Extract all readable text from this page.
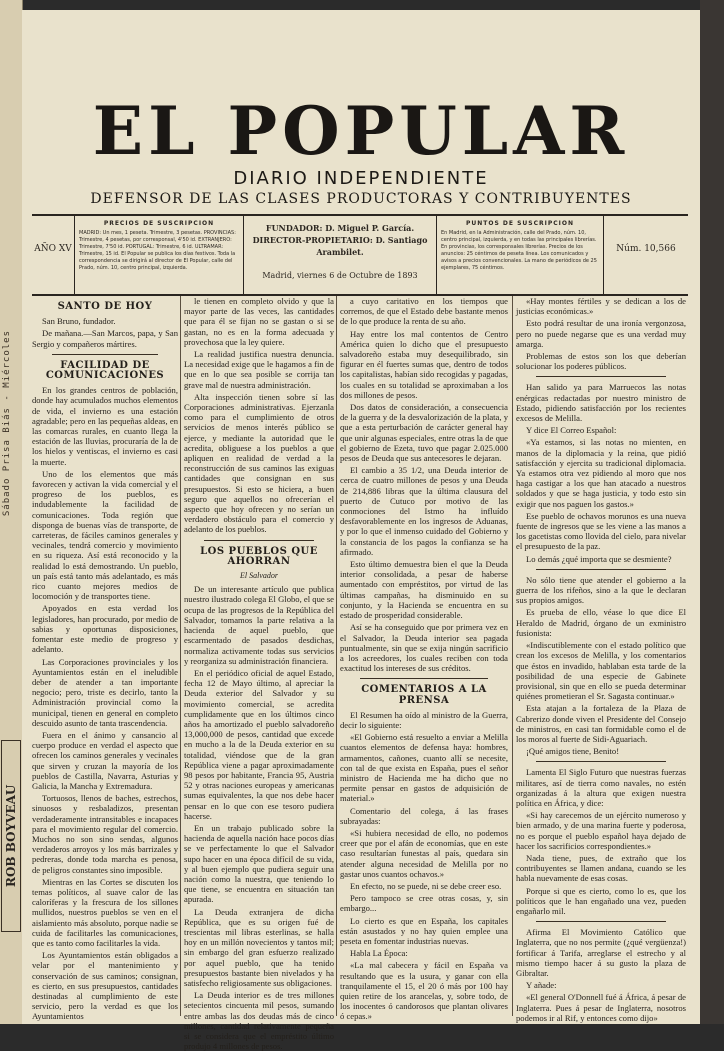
Sábado Prisa Biás - Miércoles
ROB BOYVEAU
EL POPULAR
DIARIO INDEPENDIENTE
DEFENSOR DE LAS CLASES PRODUCTORAS Y CONTRIBUYENTES
AÑO XV
PRECIOS DE SUSCRIPCION
MADRID: Un mes, 1 peseta. Trimestre, 3 pesetas. PROVINCIAS: Trimestre, 4 pesetas, por corresponsal, 4'50 id. EXTRANJERO: Trimestre, 7'50 id. PORTUGAL: Trimestre, 6 id. ULTRAMAR: Trimestre, 15 id. El Popular se publica los días festivos. Toda la correspondencia se dirigirá al director de El Popular, calle del Prado, núm. 10, centro principal, izquierda.
FUNDADOR: D. Miguel P. García.
DIRECTOR-PROPIETARIO: D. Santiago Arambilet.
Madrid, viernes 6 de Octubre de 1893
PUNTOS DE SUSCRIPCION
En Madrid, en la Administración, calle del Prado, núm. 10, centro principal, izquierda, y en todas las principales librerías. En provincias, los corresponsales librerías. Precios de los anuncios: 25 céntimos de peseta línea. Los comunicados y avisos a precios convencionales. La mano de periódicos de 25 ejemplares, 75 céntimos.
Núm. 10,566
SANTO DE HOY

San Bruno, fundador.

De mañana.—San Marcos, papa, y San Sergio y compañeros mártires.

FACILIDAD DE COMUNICACIONES

En los grandes centros de población, donde hay acumulados muchos elementos de vida, el invierno es una estación agradable; pero en las pequeñas aldeas, en las comarcas rurales, en cuanto llega la estación de las lluvias, procuraría de la de los hielos y ventiscas, el invierno es casi la muerte.

Uno de los elementos que más favorecen y activan la vida comercial y el progreso de los pueblos, es indudablemente la facilidad de comunicaciones. Toda región que disponga de buenas vías de transporte, de carreteras, de fáciles caminos generales y vecinales, tendrá comercio y movimiento en su riqueza. Así está reconocido y la realidad lo está demostrando. Un pueblo, un país está tanto más adelantado, es más rico cuanto mejores medios de locomoción y de transportes tiene.

Apoyados en esta verdad los legisladores, han procurado, por medio de sabias y oportunas disposiciones, fomentar este medio de progreso y adelanto.

Las Corporaciones provinciales y los Ayuntamientos están en el ineludible deber de atender a tan importante negocio; pero, triste es decirlo, tanto la Administración provincial como la municipal, tienen en general en completo descuido asunto de tanta trascendencia.

Fuera en el ánimo y cansancio al cuerpo produce en verdad el aspecto que ofrecen los caminos generales y vecinales que sirven y cruzan la mayoría de los pueblos de Castilla, Navarra, Asturias y Galicia, la Mancha y Extremadura.

Tortuosos, llenos de baches, estrechos, sinuosos y resbaladizos, presentan verdaderamente intransitables e incapaces para el movimiento regular del comercio. Muchos no son sino sendas, algunos verdaderos arroyos y los más barrizales y pedreras, donde toda marcha es penosa, de peligros constantes sino imposible.

Mientras en las Cortes se discuten los temas políticos, al suave calor de las caloríferas y la frescura de los sillones mullidos, nuestros pueblos se ven en el aislamiento más absoluto, porque nadie se cuida de facilitarles las comunicaciones, que es tanto como facilitarles la vida.

Los Ayuntamientos están obligados a velar por el mantenimiento y conservación de sus caminos; consignan, es cierto, en sus presupuestos, cantidades destinadas al cumplimiento de este servicio, pero la verdad es que los Ayuntamientos

le tienen en completo olvido y que la mayor parte de las veces, las cantidades que para él se fijan no se gastan o si se gastan, no es en la forma adecuada y provechosa que la ley quiere.

La realidad justifica nuestra denuncia. La necesidad exige que le hagamos a fin de que en lo que sea posible se corrija tan grave mal de nuestra administración.

Alta inspección tienen sobre sí las Corporaciones administrativas. Ejerzanla como para el cumplimiento de otros servicios de menos interés público se ejerce, y mediante la autoridad que le acredita, obliguese a los pueblos a que apliquen en realidad de verdad a la reconstrucción de sus caminos las exiguas cantidades que consignan en sus presupuestos. Si esto se hiciera, a buen seguro que aquellos no ofrecerían el aspecto que hoy ofrecen y no serían un verdadero obstáculo para el comercio y adelanto de los pueblos.

LOS PUEBLOS QUE AHORRAN
El Salvador

De un interesante artículo que publica nuestro ilustrado colega El Globo, el que se ocupa de las progresos de la República del Salvador, tomamos la parte relativa a la hacienda de aquel pueblo, que escarmentado de pasados desdichas, normaliza activamente todas sus servicios y reorganiza su administración financiera.

En el periódico oficial de aquel Estado, fecha 12 de Mayo último, al apreciar la Deuda exterior del Salvador y su movimiento comercial, se acredita cumplidamente que en los últimos cinco años ha amortizado el pueblo salvadoreño 13,000,000 de pesos, cantidad que excede en mucho a la de la Deuda exterior en su totalidad, viéndose que de la gran República viene a pagar aproximadamente 98 pesos por habitante, Francia 95, Austria 52 y otras naciones europeas y americanas sumas equivalentes, la que nos debe hacer pensar en lo que con ese tesoro pudiera hacerse.

En un trabajo publicado sobre la hacienda de aquella nación hace pocos días se ve perfectamente lo que el Salvador supo hacer en una época difícil de su vida, y al buen ejemplo que pudiera seguir una nación como la nuestra, que teniendo lo que tiene, se encuentra en situación tan apurada.

La Deuda extranjera de dicha República, que es su origen fué de trescientas mil libras esterlinas, se halla hoy en un millón novecientos y tantos mil; sin embargo del gran esfuerzo realizado por aquel pueblo, que ha tenido presupuestos bastante bien nivelados y ha satisfecho religiosamente sus obligaciones.

La Deuda interior es de tres millones setecientos cincuenta mil pesos, sumando entre ambas las dos deudas más de cinco millones, cantidad relativamente pequeña si se considera que el empréstito último produjo 4 millones de pesos.

a cuyo caritativo en los tiempos que corremos, de que el Estado debe bastante menos de lo que produce la renta de su año.

Hay entre los mal contentos de Centro América quien lo dicho que el presupuesto salvadoreño estaba muy desequilibrado, sin figurar en él fuertes sumas que, dentro de todos los capitalistas, habían sido recogidas y pagadas, los cuales en su totalidad se aproximaban a los dos millones de pesos.

Dos datos de consideración, a consecuencia de la guerra y de la desvalorización de la plata, y que a esta perturbación de carácter general hay que unir algunas especiales, entre otras la de que el gobierno de Ezeta, tuvo que pagar 2.025.000 pesos de Deuda que sus antecesores le dejaran.

El cambio a 35 1/2, una Deuda interior de cerca de cuatro millones de pesos y una Deuda de 214,886 libras que la última clausura del puerto de Cutuco por motivo de las conmociones del Istmo ha influído desfavorablemente en los ingresos de Aduanas, y por lo que el inmenso cuidado del Gobierno y la constancia de los pagos la confianza se ha afirmado.

Esto último demuestra bien el que la Deuda interior consolidada, a pesar de haberse aumentado con empréstitos, por virtud de las últimas campañas, ha disminuido en su conjunto, y la Hacienda se encuentra en su estado de prosperidad considerable.

Así se ha conseguido que por primera vez en el Salvador, la Deuda interior sea pagada puntualmente, sin que se exija ningún sacrificio a los acreedores, los cuales reciben con toda exactitud los intereses de sus créditos.

COMENTARIOS A LA PRENSA

El Resumen ha oído al ministro de la Guerra, decir lo siguiente:

«El Gobierno está resuelto a enviar a Melilla cuantos elementos de defensa haya: hombres, armamentos, cañones, cuanto allí se necesite, con tal de que exista en España, pues el señor ministro de Hacienda me ha dicho que no permite pensar en gastos de adquisición de material.»

Comentario del colega, á las frases subrayadas:

«Si hubiera necesidad de ello, no podemos creer que por el afán de economías, que en este caso resultarían funestas al país, quedara sin atender alguna necesidad de Melilla por no gastar unos cuantos ochavos.»

En efecto, no se puede, ni se debe creer eso.

Pero tampoco se cree otras cosas, y, sin embargo...

Lo cierto es que en España, los capitales están asustados y no hay quien emplee una peseta en fomentar industrias nuevas.

Habla La Época:

«La mal cabecera y fácil en España va resultando que es la usura, y ganar con ella tranquilamente el 15, el 20 ó más por 100 hay quien retire de los arancelas, y, sobre todo, de los inocentes ó candorosos que plantan olivares ó cepas.»

«Hay montes fértiles y se dedican a los de justicias económicas.»

Esto podrá resultar de una ironía vergonzosa, pero no puede negarse que es una verdad muy amarga.

Problemas de estos son los que deberían solucionar los poderes públicos.

Han salido ya para Marruecos las notas enérgicas redactadas por nuestro ministro de Estado, pidiendo satisfacción por los recientes excesos de Melilla.

Y dice El Correo Español:

«Ya estamos, si las notas no mienten, en manos de la diplomacia y la reina, que pidió satisfacción y ejercita su tradicional diplomacia. Ya estamos otra vez pidiendo al moro que nos haga castigar a los que han atacado a nuestros soldados y que se haga justicia, y todo esto sin exigir que nos paguen los gastos.»

Ese pueblo de ochavos morunos es una nueva fuente de ingresos que se les viene a las manos a los gacetistas como llovida del cielo, para nivelar el presupuesto de la paz.

Lo demás ¿qué importa que se desmiente?

No sólo tiene que atender el gobierno a la guerra de los rifeños, sino a la que le declaran sus propios amigos.

Es prueba de ello, véase lo que dice El Heraldo de Madrid, órgano de un exministro fusionista:

«Indiscutiblemente con el estado político que crean los excesos de Melilla, y los comentarios que éstos en invadido, hablaban esta tarde de la posibilidad de una especie de Gabinete provisional, sin que en ello se pueda determinar quiénes prometieran el Sr. Sagasta continuar.»

Esta atajan a la fortaleza de la Plaza de Cabrerizo donde viven el Presidente del Consejo de ministros, en casi tan formidable como el de los moros al fuerte de Sidi-Aguariach.

¡Qué amigos tiene, Benito!

Lamenta El Siglo Futuro que nuestras fuerzas militares, así de tierra como navales, no estén organizadas á la altura que exigen nuestra política en África, y dice:

«Si hay carecemos de un ejército numeroso y bien armado, y de una marina fuerte y poderosa, no es porque el pueblo español haya dejado de hacer los sacrificios correspondientes.»

Nada tiene, pues, de extraño que los contribuyentes se llamen andana, cuando se les habla nuevamente de esas cosas.

Porque si que es cierto, como lo es, que los políticos que le han engañado una vez, pueden engañarlo mil.

Afirma El Movimiento Católico que Inglaterra, que no nos permite (¿qué vergüenza!) fortificar á Tarifa, arreglarse el estrecho y al mismo tiempo hacer á su gusto la plaza de Gibraltar.

Y añade:

«El general O'Donnell fué á África, á pesar de Inglaterra. Pues á pesar de Inglaterra, nosotros podemos ir al Rif, y entonces como dijo»
